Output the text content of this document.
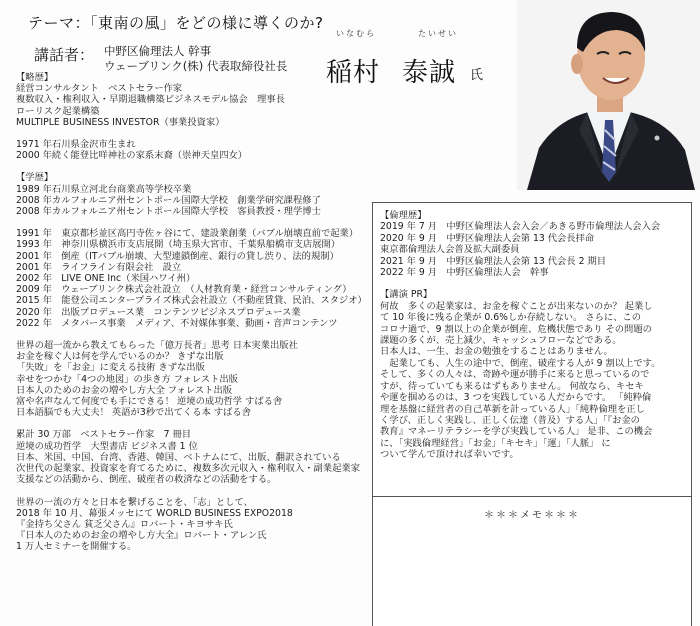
テーマ：「東南の風」をどの様に導くのか?
講話者： 中野区倫理法人 幹事
ウェーブリンク(株) 代表取締役社長
いなむら	たいせい
稲村 泰誠 氏
【略歴】
経営コンサルタント　ベストセラー作家
複数収入・権利収入・早期退職構築ビジネスモデル協会　理事長
ローリスク起業構築
MULTIPLE BUSINESS INVESTOR（事業投資家）
1971 年石川県金沢市生まれ
2000 年続く能登比咩神社の家系末裔（崇神天皇四女）
【学歴】
1989 年石川県立河北台商業高等学校卒業
2008 年カルフォルニア州セントポール国際大学校　創業学研究課程修了
2008 年カルフォルニア州セントポール国際大学校　客員教授・理学博士
1991 年　東京都杉並区高円寺佐ヶ谷にて、建設業創業（バブル崩壊直前で起業）
1993 年　神奈川県横浜市支店展開（埼玉県大宮市、千葉県船橋市支店展開）
2001 年　倒産（ITバブル崩壊、大型連鎖倒産、銀行の貸し渋り、法的規制）
2001 年　ライフライン有限会社　設立
2002 年　LIVE ONE Inc（米国ハワイ州）
2009 年　ウェーブリンク株式会社設立　（人材教育業・経営コンサルティング）
2015 年　能登公司エンタープライズ株式会社設立（不動産賃貸、民泊、スタジオ）
2020 年　出版プロデュース業　コンテンツビジネスプロデュース業
2022 年　メタバース事業　メディア、不対媒体事業、動画・音声コンテンツ
世界の超一流から教えてもらった「億万長者」思考 日本実業出版社
お金を稼ぐ人は何を学んでいるのか？ きずな出版
「失敗」を「お金」に変える技術 きずな出版
幸せをつかむ「4つの地図」の歩き方 フォレスト出版
日本人のためのお金の増やし方大全 フォレスト出版
富や名声なんて何度でも手にできる！ 逆境の成功哲学 すばる舎
日本語脳でも大丈夫！ 英語が3秒で出てくる本 すばる舎
累計 30 万部　ベストセラー作家　7 冊目
逆境の成功哲学　大型書店 ビジネス書 1 位
日本、米国、中国、台湾、香港、韓国、ベトナムにて、出版、翻訳されている
次世代の起業家、投資家を育てるために、複数多次元収入・権利収入・副業起業家
支援などの活動から、倒産、破産者の救済などの活動をする。
世界の一流の方々と日本を繋げることを、「志」として、
2018 年 10 月、幕張メッセにて WORLD BUSINESS EXPO2018
『金持ち父さん 貧乏父さん』ロバート・キヨサキ氏
『日本人のためのお金の増やし方大全』ロバート・アレン氏
1 万人セミナーを開催する。
【倫理歴】
2019 年 7 月　中野区倫理法人会入会／あきる野市倫理法人会入会
2020 年 9 月　中野区倫理法人会第 13 代会長拝命
東京都倫理法人会普及拡大副委員
2021 年 9 月　中野区倫理法人会第 13 代会長 2 期目
2022 年 9 月　中野区倫理法人会　幹事
【講演 PR】
何故　多くの起業家は、お金を稼ぐことが出来ないのか？ 起業し
て 10 年後に残る企業が 0.6%しか存続しない。 さらに、この
コロナ過で、9 割以上の企業が倒産、危機状態であり その問題の
課題の多くが、売上減少、キャッシュフローなどである。
日本人は、一生、お金の勉強をすることはありません。
　起業しても、人生の途中で、倒産、破産する人が 9 割以上です。
そして、多くの人々は、奇跡や運が勝手に来ると思っているので
すが、待っていても来るはずもありません。 何故なら、キセキ
や運を掴めるのは、3 つを実践している人だからです。 「純粋倫
理を基盤に経営者の自己革新を計っている人」「純粋倫理を正し
く学び、正しく実践し、正しく伝達（普及）する人」「『お金の
教育』マネーリテラシーを学び実践している人」 是非、この機会
に、「実践倫理経営」「お金」「キセキ」「運」「人脈」 に
ついて学んで頂ければ幸いです。
＊＊＊メモ＊＊＊
